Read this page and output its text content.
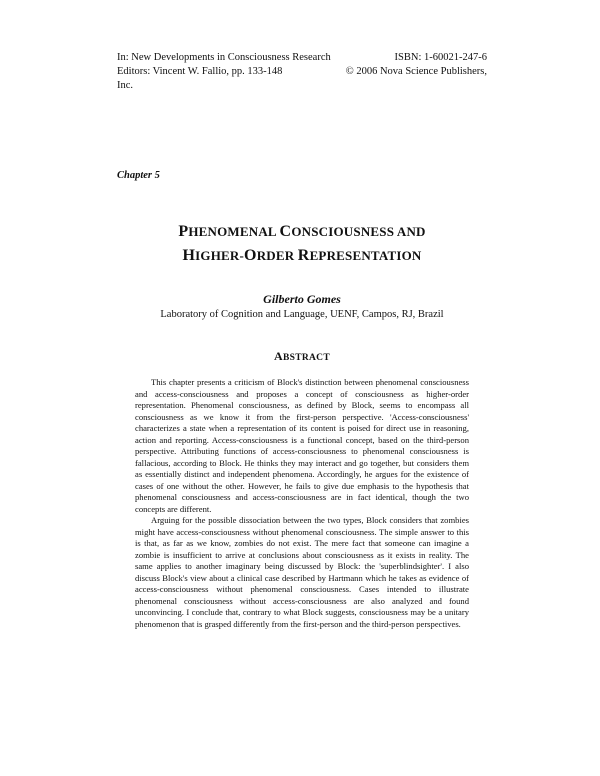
In: New Developments in Consciousness Research	ISBN: 1-60021-247-6
Editors: Vincent W. Fallio, pp. 133-148	© 2006 Nova Science Publishers,
Inc.
Chapter 5
PHENOMENAL CONSCIOUSNESS AND
HIGHER-ORDER REPRESENTATION
Gilberto Gomes
Laboratory of Cognition and Language, UENF, Campos, RJ, Brazil
ABSTRACT

This chapter presents a criticism of Block's distinction between phenomenal consciousness and access-consciousness and proposes a concept of consciousness as higher-order representation. Phenomenal consciousness, as defined by Block, seems to encompass all consciousness as we know it from the first-person perspective. 'Access-consciousness' characterizes a state when a representation of its content is poised for direct use in reasoning, action and reporting. Access-consciousness is a functional concept, based on the third-person perspective. Attributing functions of access-consciousness to phenomenal consciousness is fallacious, according to Block. He thinks they may interact and go together, but considers them as essentially distinct and independent phenomena. Accordingly, he argues for the existence of cases of one without the other. However, he fails to give due emphasis to the hypothesis that phenomenal consciousness and access-consciousness are in fact identical, though the two concepts are different.

Arguing for the possible dissociation between the two types, Block considers that zombies might have access-consciousness without phenomenal consciousness. The simple answer to this is that, as far as we know, zombies do not exist. The mere fact that someone can imagine a zombie is insufficient to arrive at conclusions about consciousness as it exists in reality. The same applies to another imaginary being discussed by Block: the 'superblindsighter'. I also discuss Block's view about a clinical case described by Hartmann which he takes as evidence of access-consciousness without phenomenal consciousness. Cases intended to illustrate phenomenal consciousness without access-consciousness are also analyzed and found unconvincing. I conclude that, contrary to what Block suggests, consciousness may be a unitary phenomenon that is grasped differently from the first-person and the third-person perspectives.
